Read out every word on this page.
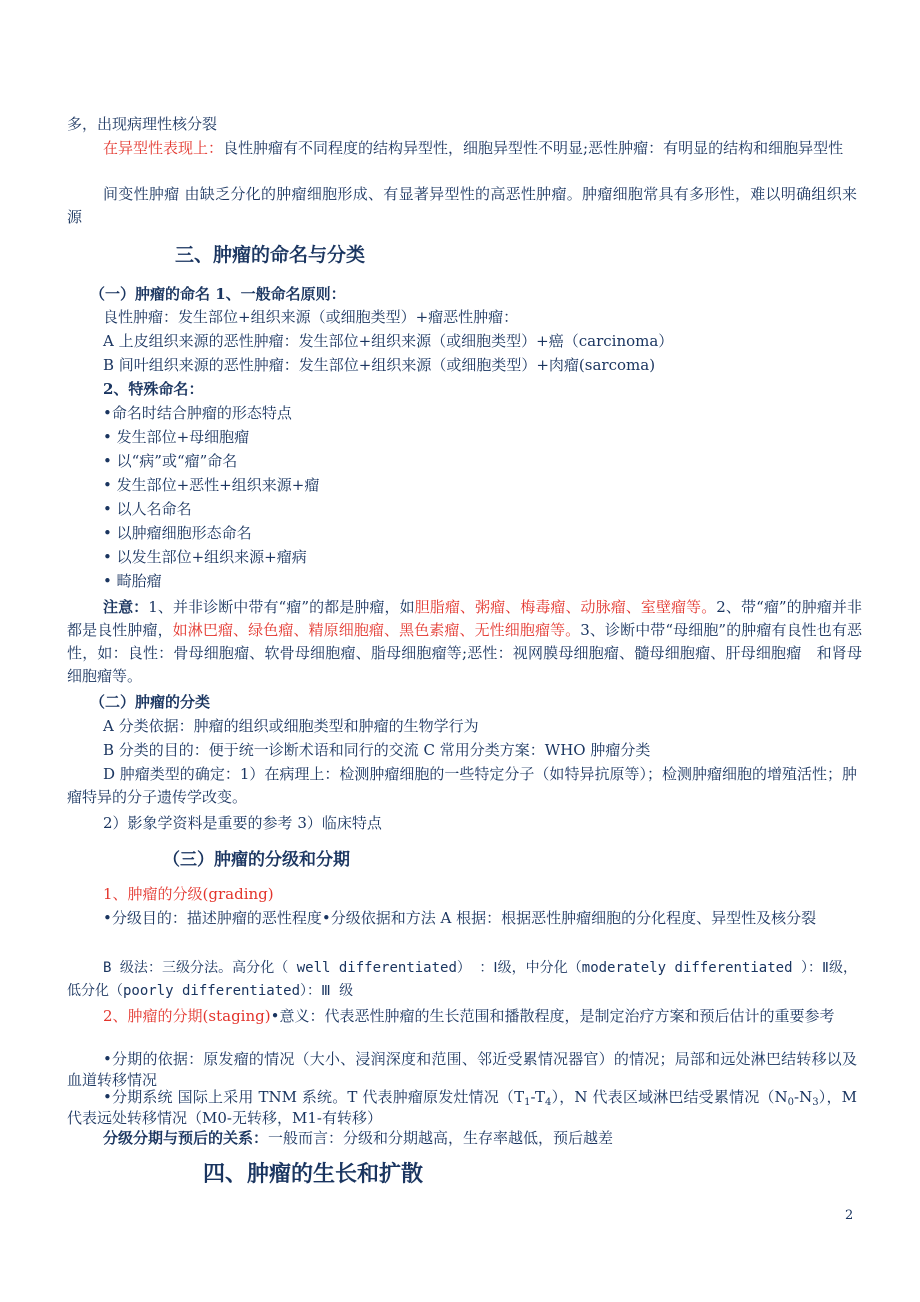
多，出现病理性核分裂

在异型性表现上：良性肿瘤有不同程度的结构异型性，细胞异型性不明显;恶性肿瘤：有明显的结构和细胞异型性

间变性肿瘤 由缺乏分化的肿瘤细胞形成、有显著异型性的高恶性肿瘤。肿瘤细胞常具有多形性，难以明确组织来源

三、肿瘤的命名与分类
（一）肿瘤的命名 1、一般命名原则：
良性肿瘤：发生部位+组织来源（或细胞类型）+瘤恶性肿瘤：
A 上皮组织来源的恶性肿瘤：发生部位+组织来源（或细胞类型）+癌（carcinoma）
B 间叶组织来源的恶性肿瘤：发生部位+组织来源（或细胞类型）+肉瘤(sarcoma)
2、特殊命名：
•命名时结合肿瘤的形态特点
• 发生部位+母细胞瘤
• 以“病”或“瘤”命名
• 发生部位+恶性+组织来源+瘤
• 以人名命名
• 以肿瘤细胞形态命名
• 以发生部位+组织来源+瘤病
• 畸胎瘤

注意：1、并非诊断中带有“瘤”的都是肿瘤，如胆脂瘤、粥瘤、梅毒瘤、动脉瘤、室壁瘤等。2、带“瘤”的肿瘤并非都是良性肿瘤，如淋巴瘤、绿色瘤、精原细胞瘤、黑色素瘤、无性细胞瘤等。3、诊断中带“母细胞”的肿瘤有良性也有恶性，如：良性：骨母细胞瘤、软骨母细胞瘤、脂母细胞瘤等;恶性：视网膜母细胞瘤、髓母细胞瘤、肝母细胞瘤　和肾母细胞瘤等。

（二）肿瘤的分类
A 分类依据：肿瘤的组织或细胞类型和肿瘤的生物学行为
B 分类的目的：便于统一诊断术语和同行的交流 C 常用分类方案：WHO 肿瘤分类

D 肿瘤类型的确定：1）在病理上：检测肿瘤细胞的一些特定分子（如特异抗原等）；检测肿瘤细胞的增殖活性；肿瘤特异的分子遗传学改变。

2）影象学资料是重要的参考 3）临床特点
（三）肿瘤的分级和分期
1、肿瘤的分级(grading)

•分级目的：描述肿瘤的恶性程度•分级依据和方法 A 根据：根据恶性肿瘤细胞的分化程度、异型性及核分裂

B 级法：三级分法。高分化（ well differentiated） ：Ⅰ级，中分化（moderately differentiated ）：Ⅱ级，低分化（poorly differentiated）：Ⅲ 级

2、肿瘤的分期(staging)•意义：代表恶性肿瘤的生长范围和播散程度，是制定治疗方案和预后估计的重要参考

•分期的依据：原发瘤的情况（大小、浸润深度和范围、邻近受累情况器官）的情况；局部和远处淋巴结转移以及血道转移情况

•分期系统 国际上采用 TNM 系统。T 代表肿瘤原发灶情况$(T_1-T_4)$，N 代表区域淋巴结受累情况$(N_0-N_3)$，M 代表远处转移情况（M0-无转移，M1-有转移）

分级分期与预后的关系：一般而言：分级和分期越高，生存率越低，预后越差
四、肿瘤的生长和扩散
2
